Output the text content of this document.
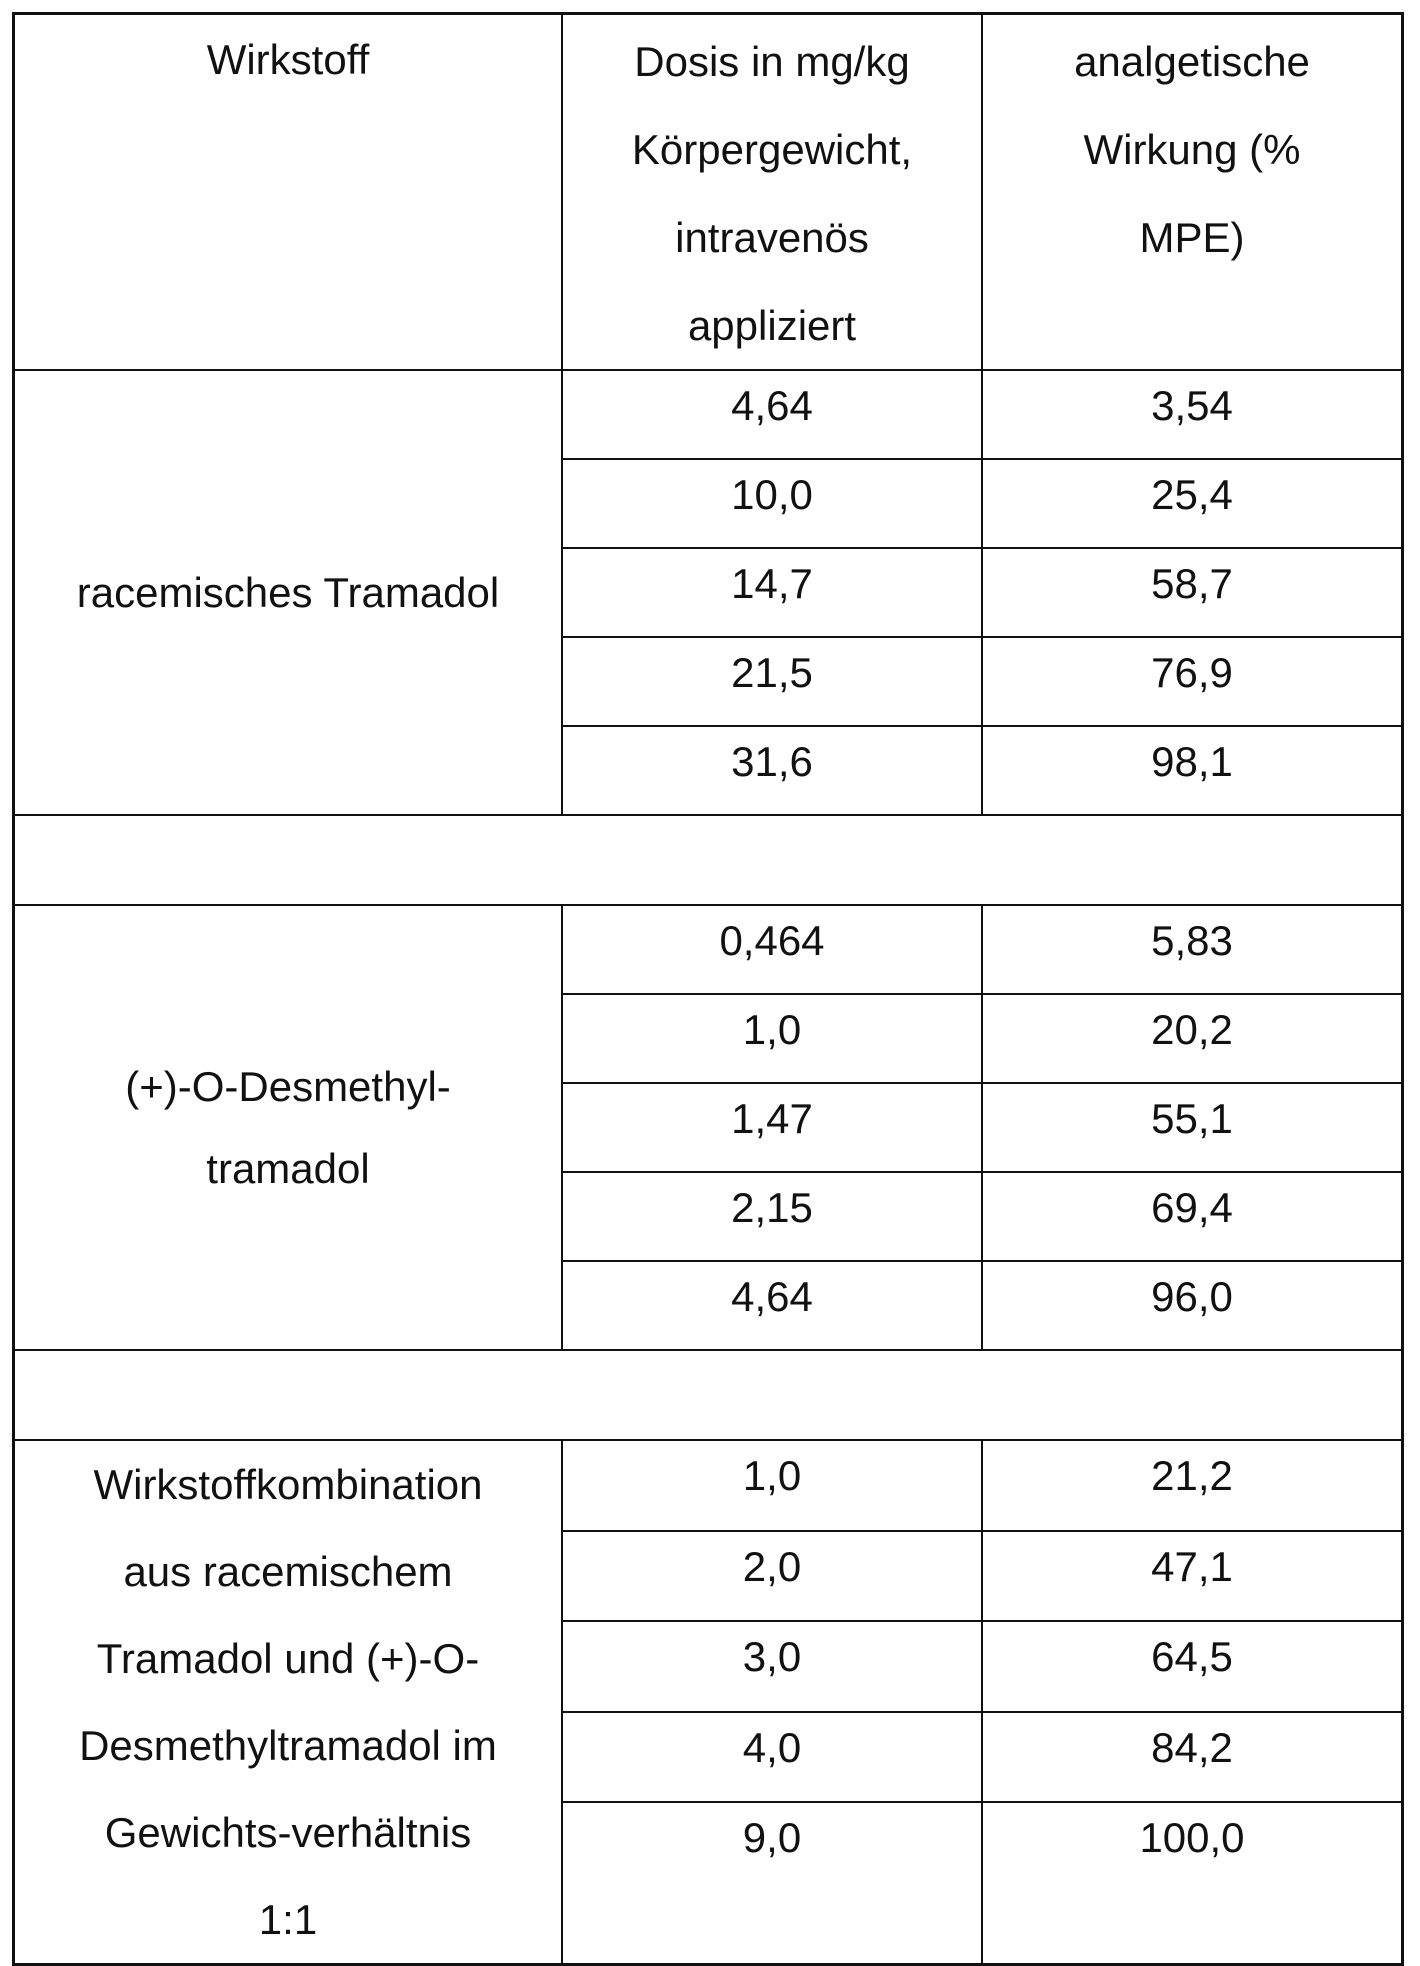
Wirkstoff	Dosis in mg/kg
Körpergewicht,
intravenös
appliziert

analgetische
Wirkung (%
MPE)

racemisches Tramadol
	4,64	3,54
10,0	25,4
14,7	58,7
21,5	76,9
31,6	98,1

(+)-O-Desmethyl-
tramadol
	0,464	5,83
1,0	20,2
1,47	55,1
2,15	69,4
4,64	96,0

Wirkstoffkombination
aus racemischem
Tramadol und (+)-O-
Desmethyltramadol im
Gewichts-verhältnis
1:1
	1,0	21,2
2,0	47,1
3,0	64,5
4,0	84,2
9,0	100,0
